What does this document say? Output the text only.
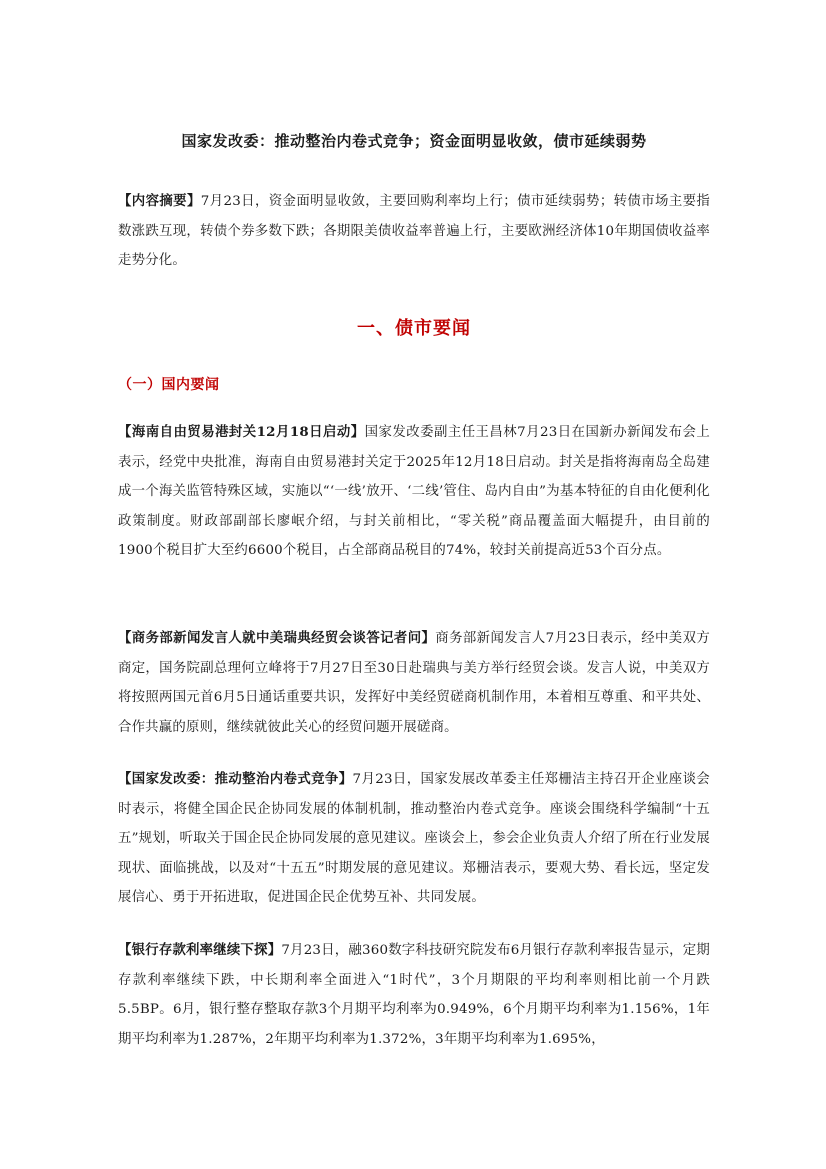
国家发改委：推动整治内卷式竞争；资金面明显收敛，债市延续弱势
【内容摘要】7月23日，资金面明显收敛，主要回购利率均上行；债市延续弱势；转债市场主要指数涨跌互现，转债个券多数下跌；各期限美债收益率普遍上行，主要欧洲经济体10年期国债收益率走势分化。
一、债市要闻
（一）国内要闻
【海南自由贸易港封关12月18日启动】国家发改委副主任王昌林7月23日在国新办新闻发布会上表示，经党中央批准，海南自由贸易港封关定于2025年12月18日启动。封关是指将海南岛全岛建成一个海关监管特殊区域，实施以“‘一线’放开、‘二线’管住、岛内自由”为基本特征的自由化便利化政策制度。财政部副部长廖岷介绍，与封关前相比，“零关税”商品覆盖面大幅提升，由目前的1900个税目扩大至约6600个税目，占全部商品税目的74%，较封关前提高近53个百分点。
【商务部新闻发言人就中美瑞典经贸会谈答记者问】商务部新闻发言人7月23日表示，经中美双方商定，国务院副总理何立峰将于7月27日至30日赴瑞典与美方举行经贸会谈。发言人说，中美双方将按照两国元首6月5日通话重要共识，发挥好中美经贸磋商机制作用，本着相互尊重、和平共处、合作共赢的原则，继续就彼此关心的经贸问题开展磋商。
【国家发改委：推动整治内卷式竞争】7月23日，国家发展改革委主任郑栅洁主持召开企业座谈会时表示，将健全国企民企协同发展的体制机制，推动整治内卷式竞争。座谈会围绕科学编制“十五五”规划，听取关于国企民企协同发展的意见建议。座谈会上，参会企业负责人介绍了所在行业发展现状、面临挑战，以及对“十五五”时期发展的意见建议。郑栅洁表示，要观大势、看长远，坚定发展信心、勇于开拓进取，促进国企民企优势互补、共同发展。
【银行存款利率继续下探】7月23日，融360数字科技研究院发布6月银行存款利率报告显示，定期存款利率继续下跌，中长期利率全面进入“1时代”，3个月期限的平均利率则相比前一个月跌5.5BP。6月，银行整存整取存款3个月期平均利率为0.949%，6个月期平均利率为1.156%，1年期平均利率为1.287%，2年期平均利率为1.372%，3年期平均利率为1.695%，
